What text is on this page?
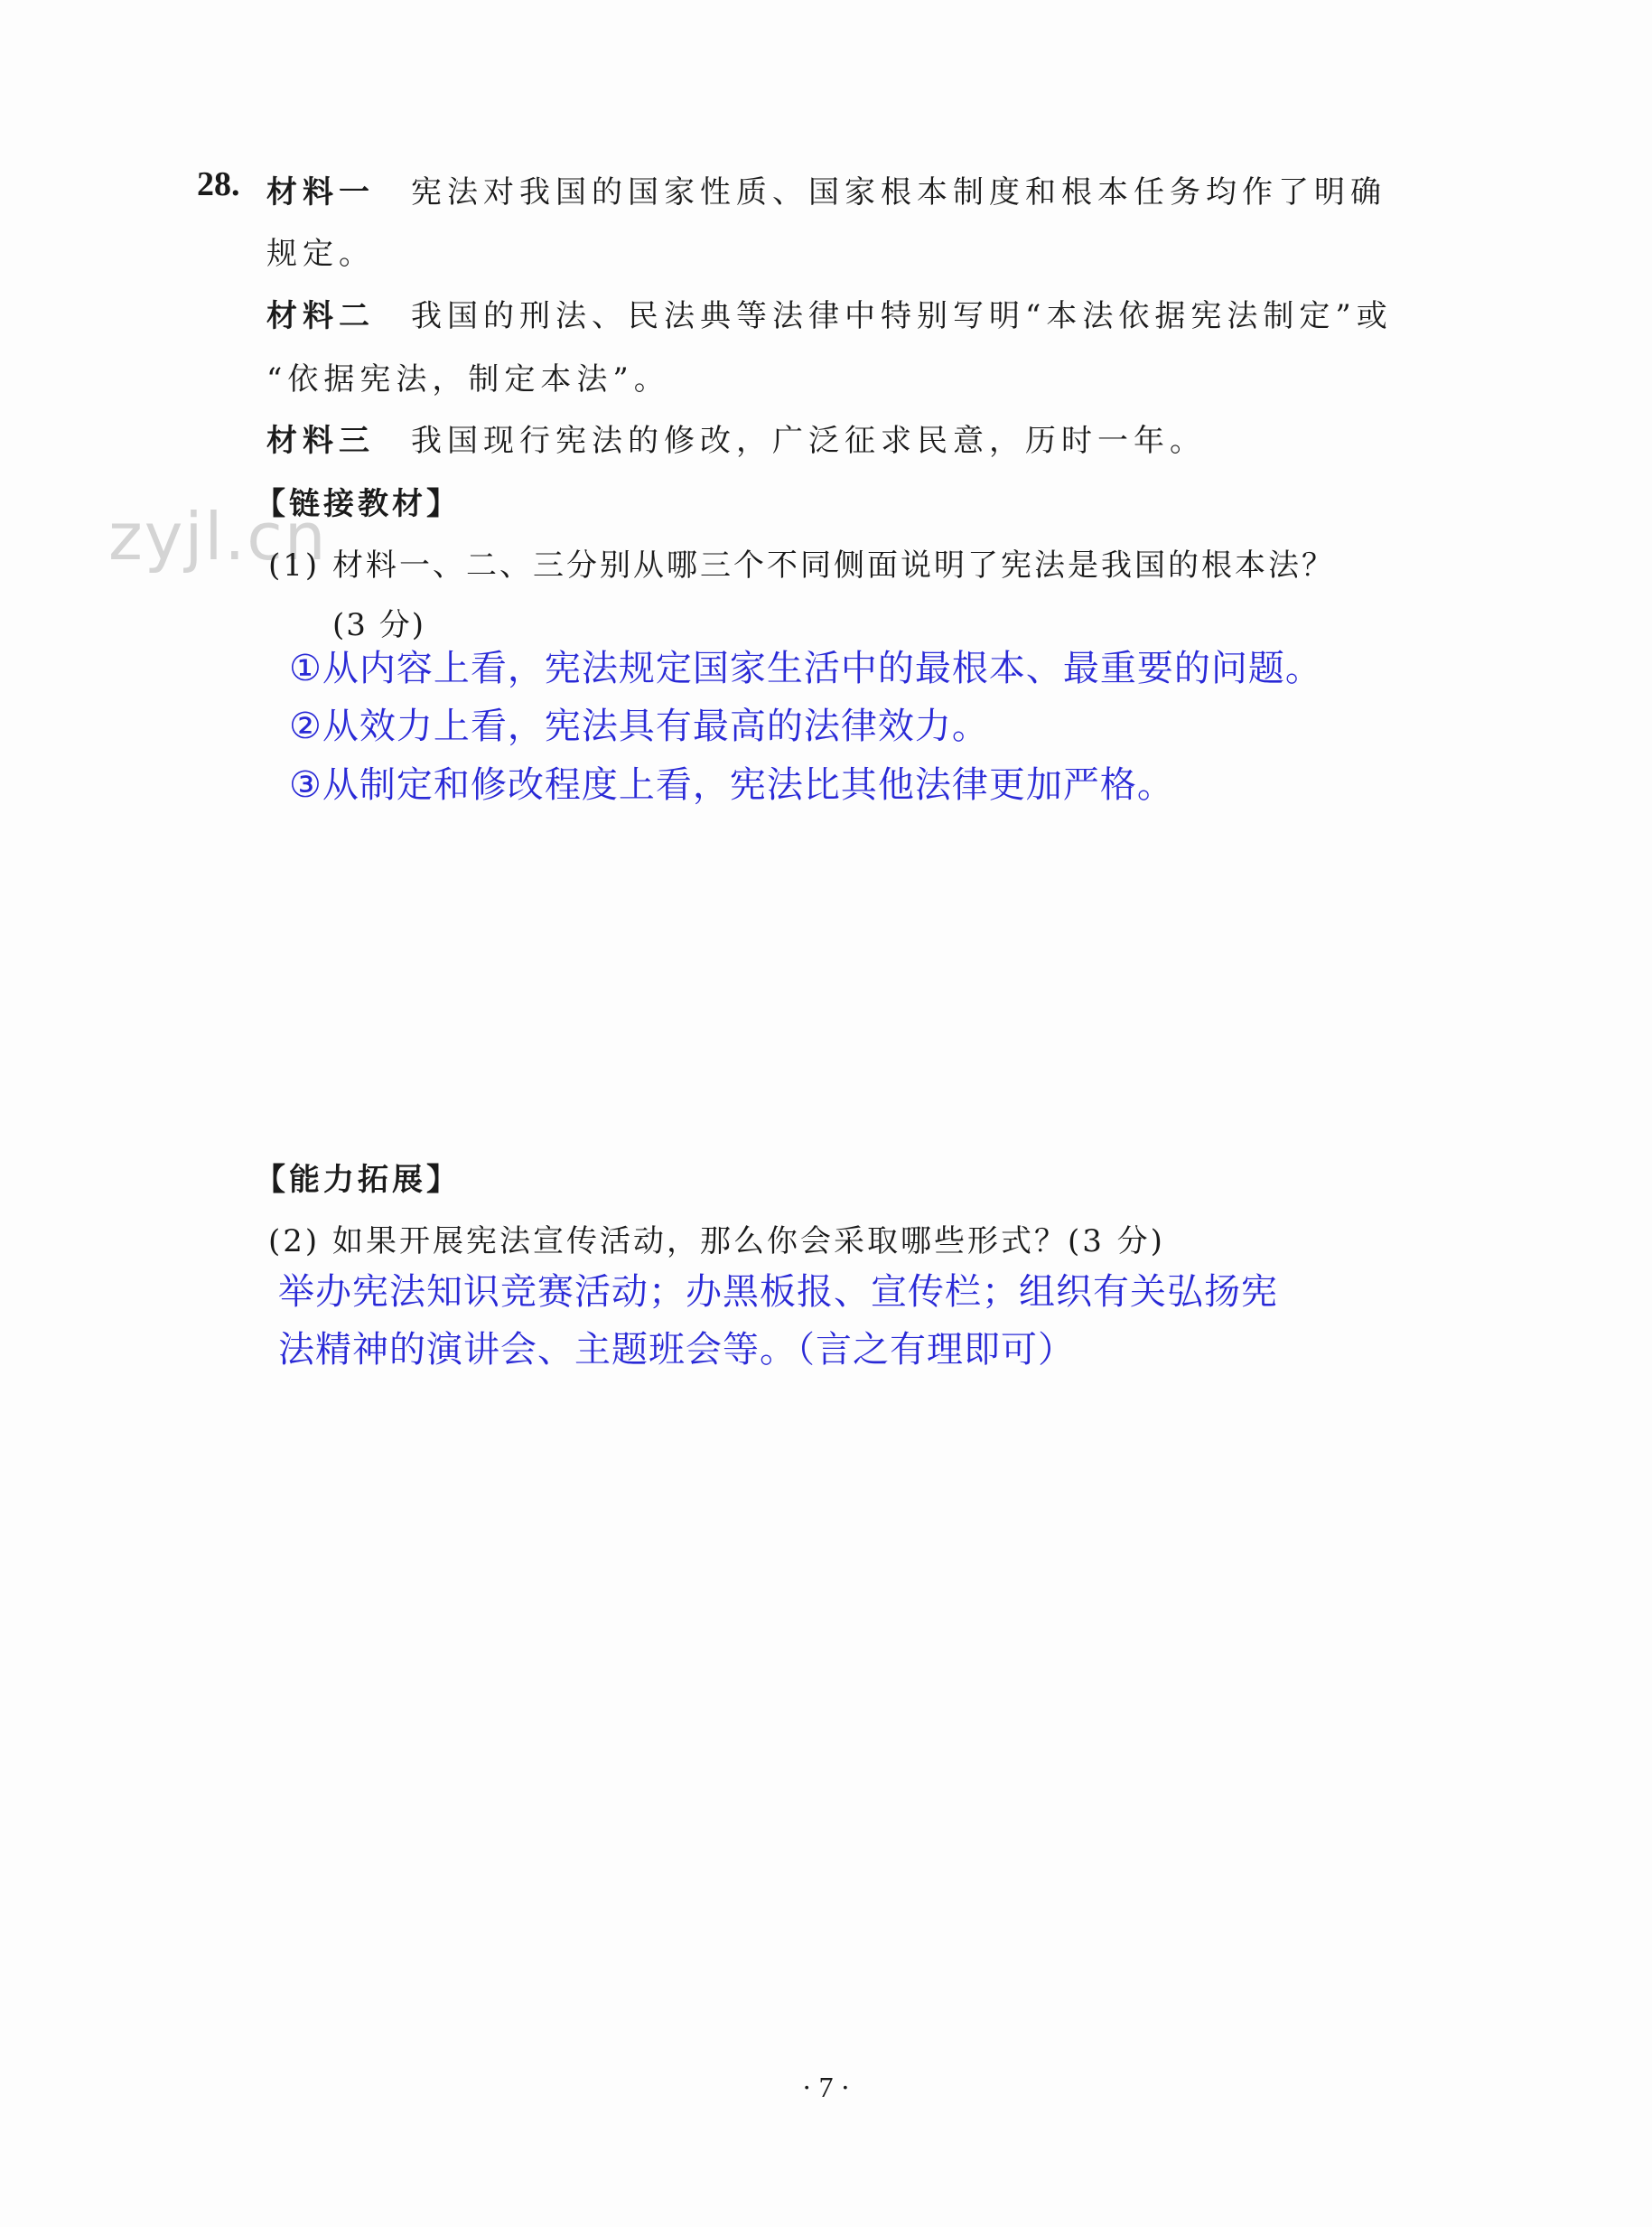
zyjl.cn
28. 材料一 宪法对我国的国家性质、国家根本制度和根本任务均作了明确
规定。
材料二 我国的刑法、民法典等法律中特别写明“本法依据宪法制定”或
“依据宪法，制定本法”。
材料三 我国现行宪法的修改，广泛征求民意，历时一年。
【链接教材】
(1) 材料一、二、三分别从哪三个不同侧面说明了宪法是我国的根本法？
(3 分)
①从内容上看，宪法规定国家生活中的最根本、最重要的问题。
②从效力上看，宪法具有最高的法律效力。
③从制定和修改程度上看，宪法比其他法律更加严格。
【能力拓展】
(2) 如果开展宪法宣传活动，那么你会采取哪些形式？(3 分)
举办宪法知识竞赛活动；办黑板报、宣传栏；组织有关弘扬宪
法精神的演讲会、主题班会等。（言之有理即可）
· 7 ·
